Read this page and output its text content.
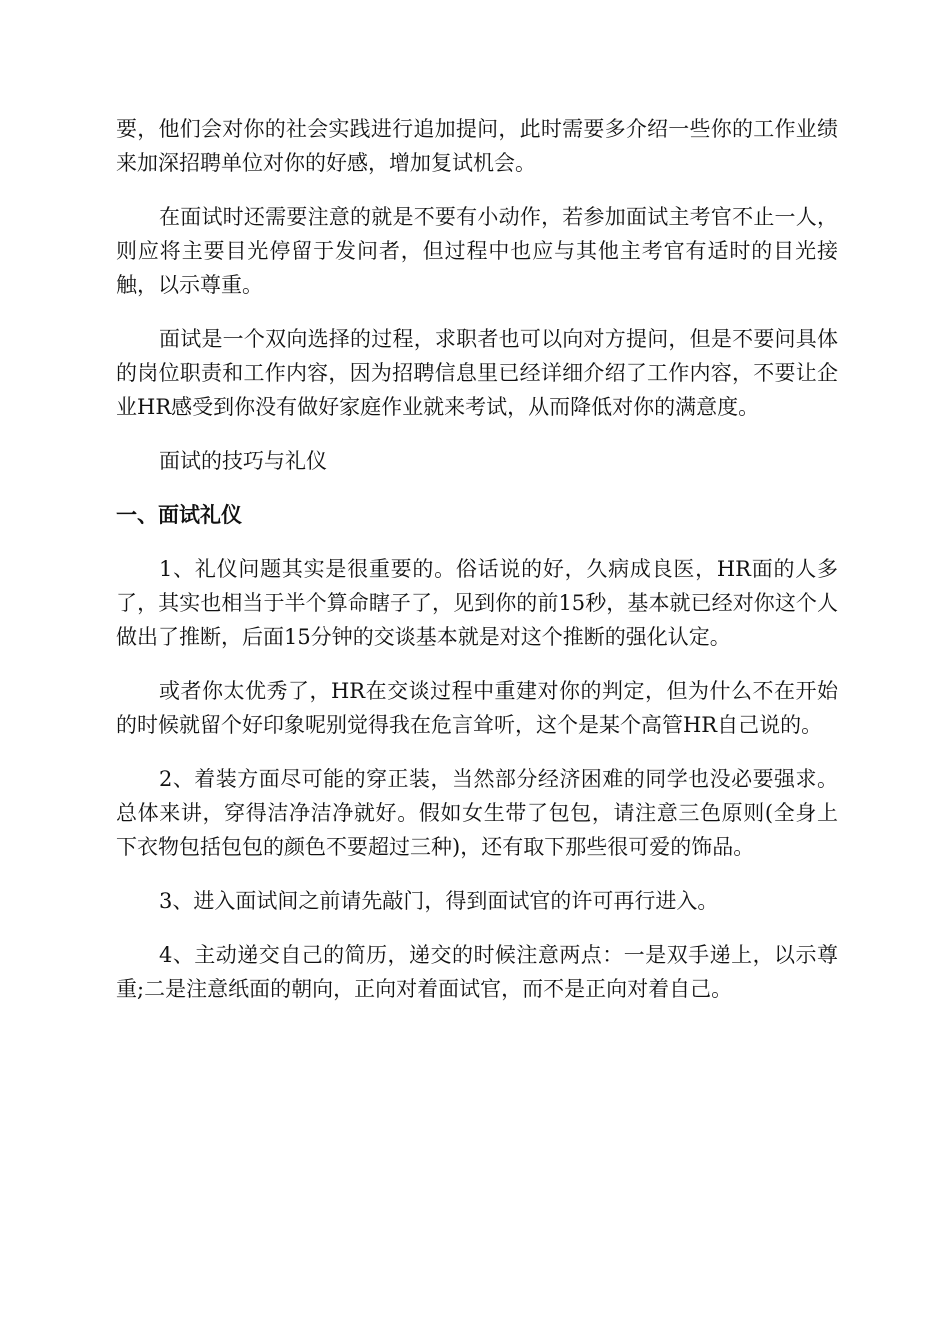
要，他们会对你的社会实践进行追加提问，此时需要多介绍一些你的工作业绩来加深招聘单位对你的好感，增加复试机会。

在面试时还需要注意的就是不要有小动作，若参加面试主考官不止一人，则应将主要目光停留于发问者，但过程中也应与其他主考官有适时的目光接触，以示尊重。

面试是一个双向选择的过程，求职者也可以向对方提问，但是不要问具体的岗位职责和工作内容，因为招聘信息里已经详细介绍了工作内容，不要让企业HR感受到你没有做好家庭作业就来考试，从而降低对你的满意度。

面试的技巧与礼仪

一、面试礼仪

1、礼仪问题其实是很重要的。俗话说的好，久病成良医，HR面的人多了，其实也相当于半个算命瞎子了，见到你的前15秒，基本就已经对你这个人做出了推断，后面15分钟的交谈基本就是对这个推断的强化认定。

或者你太优秀了，HR在交谈过程中重建对你的判定，但为什么不在开始的时候就留个好印象呢别觉得我在危言耸听，这个是某个高管HR自己说的。

2、着装方面尽可能的穿正装，当然部分经济困难的同学也没必要强求。总体来讲，穿得洁净洁净就好。假如女生带了包包，请注意三色原则(全身上下衣物包括包包的颜色不要超过三种)，还有取下那些很可爱的饰品。

3、进入面试间之前请先敲门，得到面试官的许可再行进入。

4、主动递交自己的简历，递交的时候注意两点：一是双手递上，以示尊重;二是注意纸面的朝向，正向对着面试官，而不是正向对着自己。
